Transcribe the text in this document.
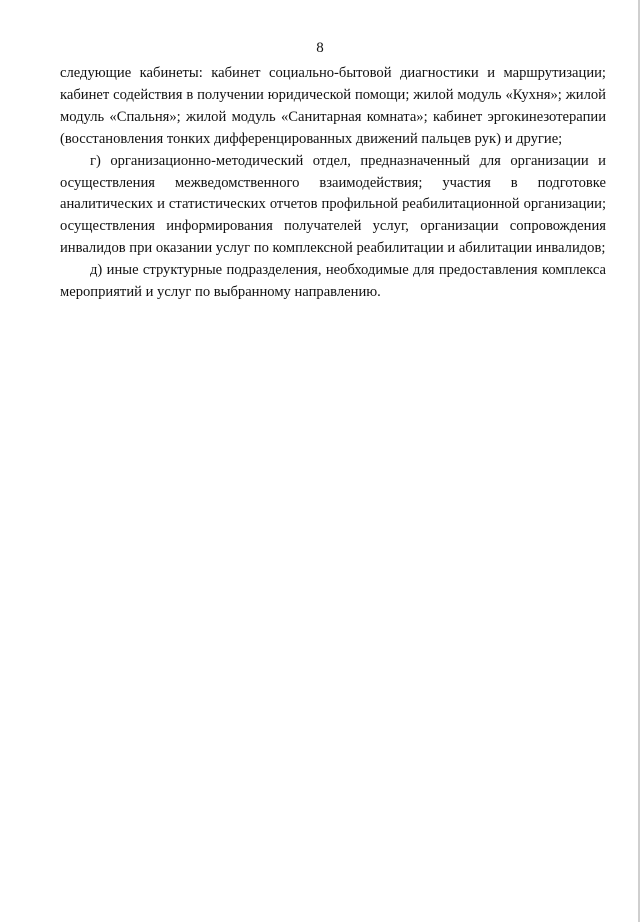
8

следующие кабинеты: кабинет социально-бытовой диагностики и маршрутизации; кабинет содействия в получении юридической помощи; жилой модуль «Кухня»; жилой модуль «Спальня»; жилой модуль «Санитарная комната»; кабинет эргокинезотерапии (восстановления тонких дифференцированных движений пальцев рук) и другие;

г) организационно-методический отдел, предназначенный для организации и осуществления межведомственного взаимодействия; участия в подготовке аналитических и статистических отчетов профильной реабилитационной организации; осуществления информирования получателей услуг, организации сопровождения инвалидов при оказании услуг по комплексной реабилитации и абилитации инвалидов;

д) иные структурные подразделения, необходимые для предоставления комплекса мероприятий и услуг по выбранному направлению.
